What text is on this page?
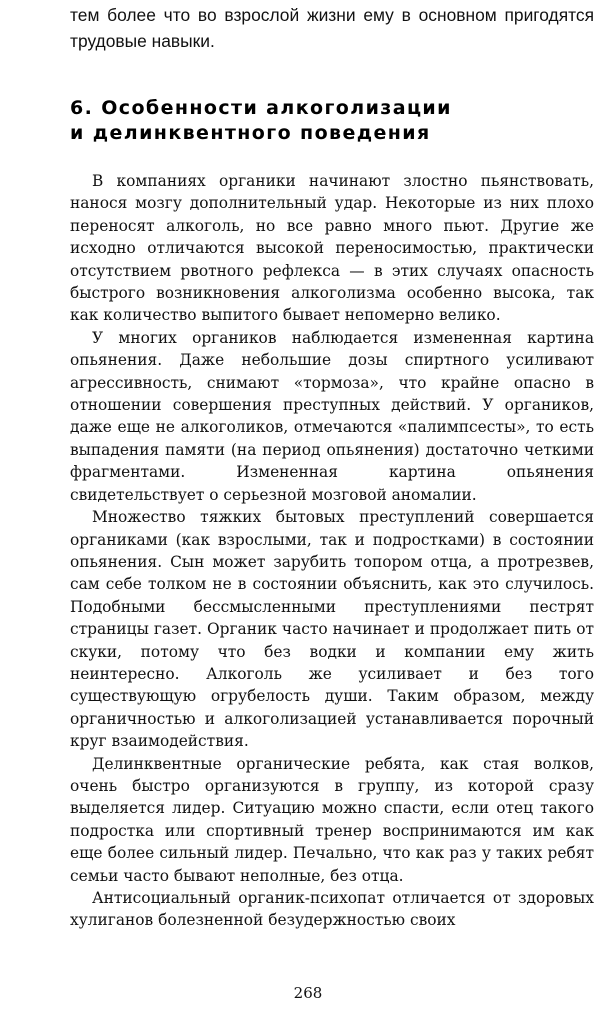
тем более что во взрослой жизни ему в основном пригодятся трудовые навыки.

6. Особенности алкоголизации
и делинквентного поведения

В компаниях органики начинают злостно пьянствовать, нанося мозгу дополнительный удар. Некоторые из них плохо переносят алкоголь, но все равно много пьют. Другие же исходно отличаются высокой переносимостью, практически отсутствием рвотного рефлекса — в этих случаях опасность быстрого возникновения алкоголизма особенно высока, так как количество выпитого бывает непомерно велико.

У многих органиков наблюдается измененная картина опьянения. Даже небольшие дозы спиртного усиливают агрессивность, снимают «тормоза», что крайне опасно в отношении совершения преступных действий. У органиков, даже еще не алкоголиков, отмечаются «палимпсесты», то есть выпадения памяти (на период опьянения) достаточно четкими фрагментами. Измененная картина опьянения свидетельствует о серьезной мозговой аномалии.

Множество тяжких бытовых преступлений совершается органиками (как взрослыми, так и подростками) в состоянии опьянения. Сын может зарубить топором отца, а протрезвев, сам себе толком не в состоянии объяснить, как это случилось. Подобными бессмысленными преступлениями пестрят страницы газет. Органик часто начинает и продолжает пить от скуки, потому что без водки и компании ему жить неинтересно. Алкоголь же усиливает и без того существующую огрубелость души. Таким образом, между органичностью и алкоголизацией устанавливается порочный круг взаимодействия.

Делинквентные органические ребята, как стая волков, очень быстро организуются в группу, из которой сразу выделяется лидер. Ситуацию можно спасти, если отец такого подростка или спортивный тренер воспринимаются им как еще более сильный лидер. Печально, что как раз у таких ребят семьи часто бывают неполные, без отца.

Антисоциальный органик-психопат отличается от здоровых хулиганов болезненной безудержностью своих

268
